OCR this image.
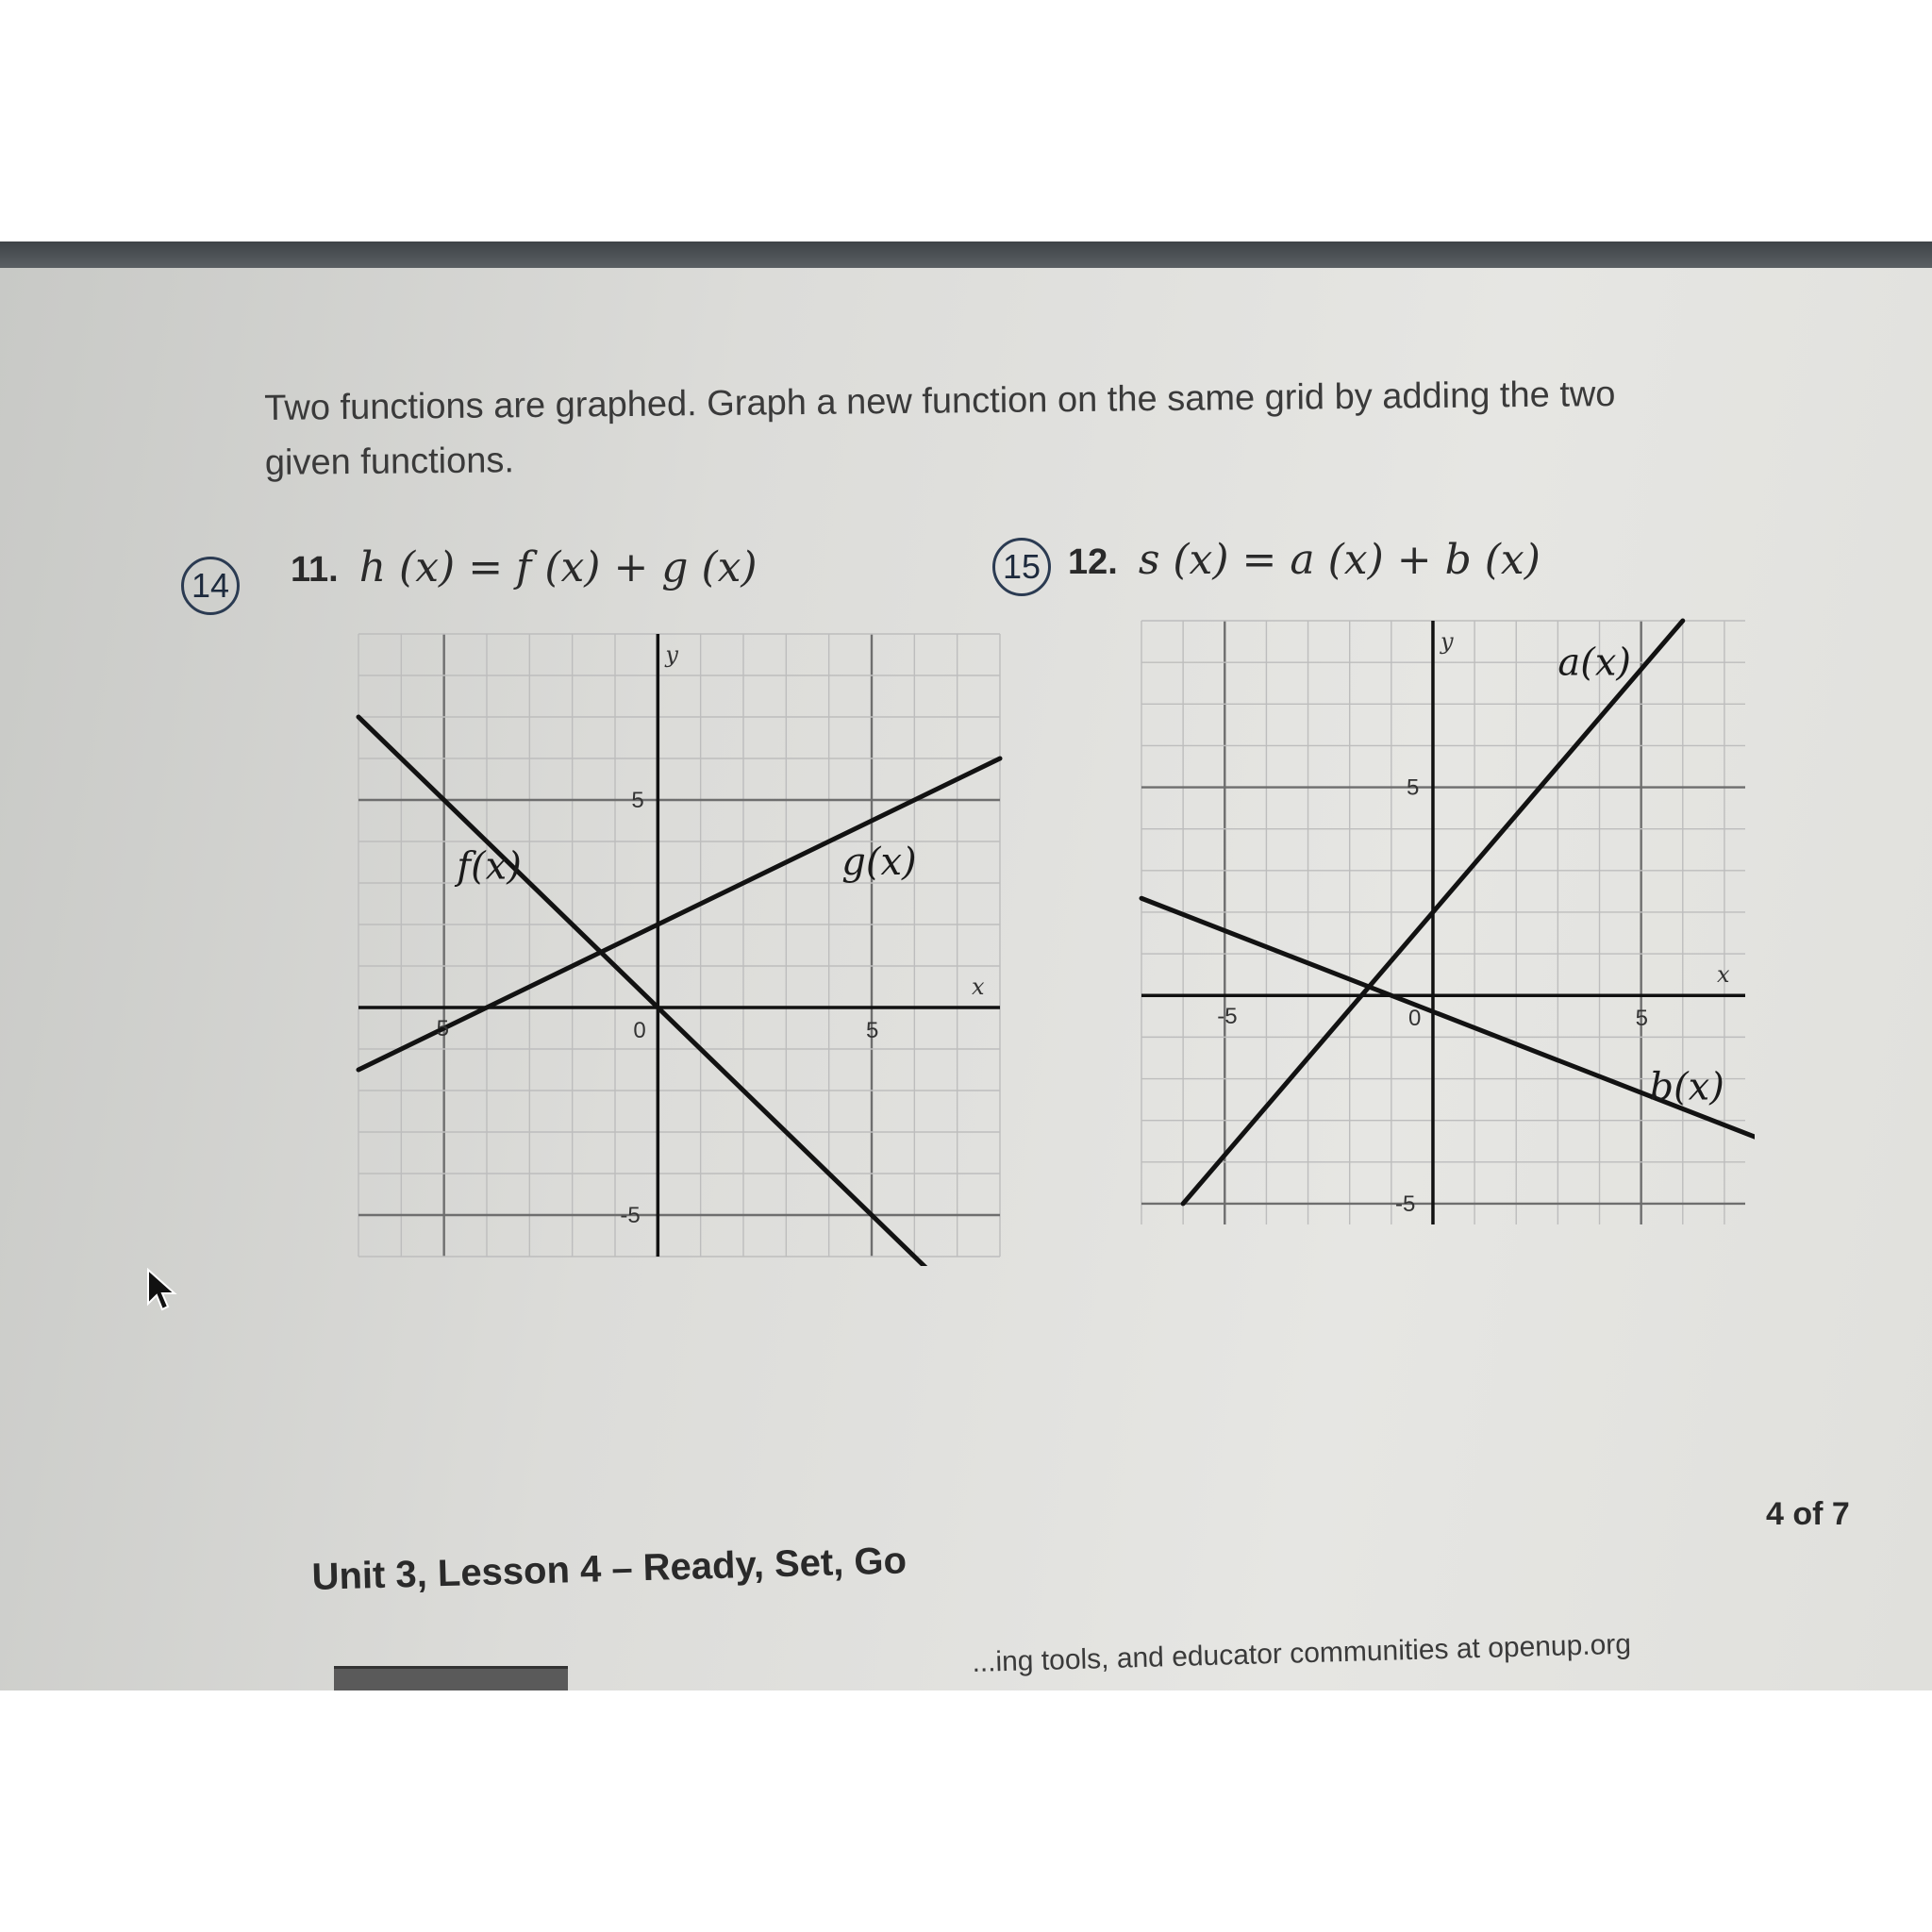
Two functions are graphed. Graph a new function on the same grid by adding the two given functions.
14 11. h (x) = f (x) + g (x)	15 12. s (x) = a (x) + b (x)
f(x)	g(x)
5	0	5
5
-5
x
y	a(x)
b(x)
-5	0	5
5
-5
x
y
4 of 7
Unit 3, Lesson 4 – Ready, Set, Go
...ing tools, and educator communities at openup.org
